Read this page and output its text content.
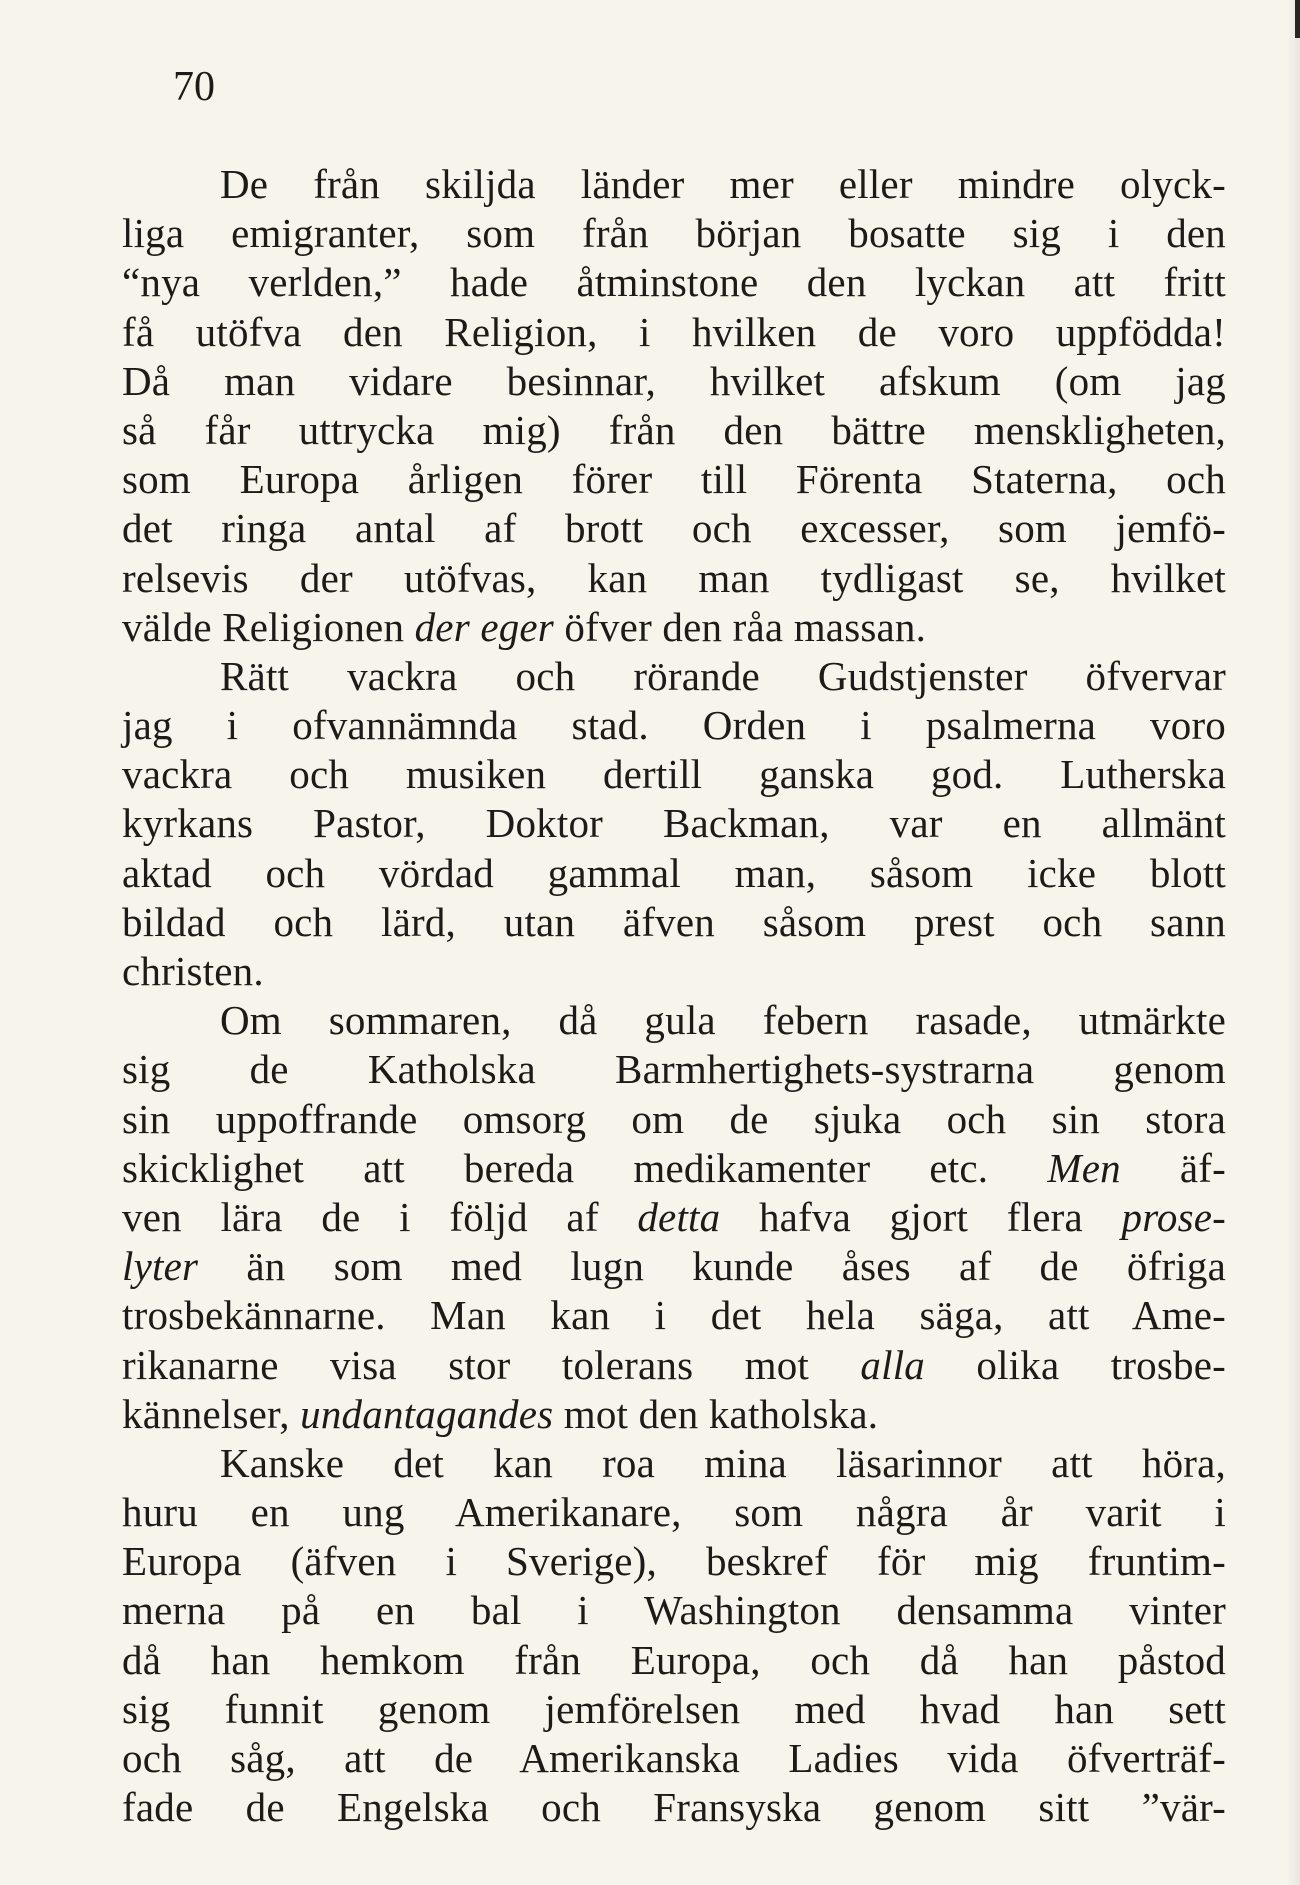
70
De från skiljda länder mer eller mindre olyck-
liga emigranter, som från början bosatte sig i den
“nya verlden,” hade åtminstone den lyckan att fritt
få utöfva den Religion, i hvilken de voro uppfödda!
Då man vidare besinnar, hvilket afskum (om jag
så får uttrycka mig) från den bättre menskligheten,
som Europa årligen förer till Förenta Staterna, och
det ringa antal af brott och excesser, som jemfö-
relsevis der utöfvas, kan man tydligast se, hvilket
välde Religionen der eger öfver den råa massan.
Rätt vackra och rörande Gudstjenster öfvervar
jag i ofvannämnda stad. Orden i psalmerna voro
vackra och musiken dertill ganska god. Lutherska
kyrkans Pastor, Doktor Backman, var en allmänt
aktad och vördad gammal man, såsom icke blott
bildad och lärd, utan äfven såsom prest och sann
christen.
Om sommaren, då gula febern rasade, utmärkte
sig de Katholska Barmhertighets-systrarna genom
sin uppoffrande omsorg om de sjuka och sin stora
skicklighet att bereda medikamenter etc. Men äf-
ven lära de i följd af detta hafva gjort flera prose-
lyter än som med lugn kunde åses af de öfriga
trosbekännarne. Man kan i det hela säga, att Ame-
rikanarne visa stor tolerans mot alla olika trosbe-
kännelser, undantagandes mot den katholska.
Kanske det kan roa mina läsarinnor att höra,
huru en ung Amerikanare, som några år varit i
Europa (äfven i Sverige), beskref för mig fruntim-
merna på en bal i Washington densamma vinter
då han hemkom från Europa, och då han påstod
sig funnit genom jemförelsen med hvad han sett
och såg, att de Amerikanska Ladies vida öfverträf-
fade de Engelska och Fransyska genom sitt ”vär-
